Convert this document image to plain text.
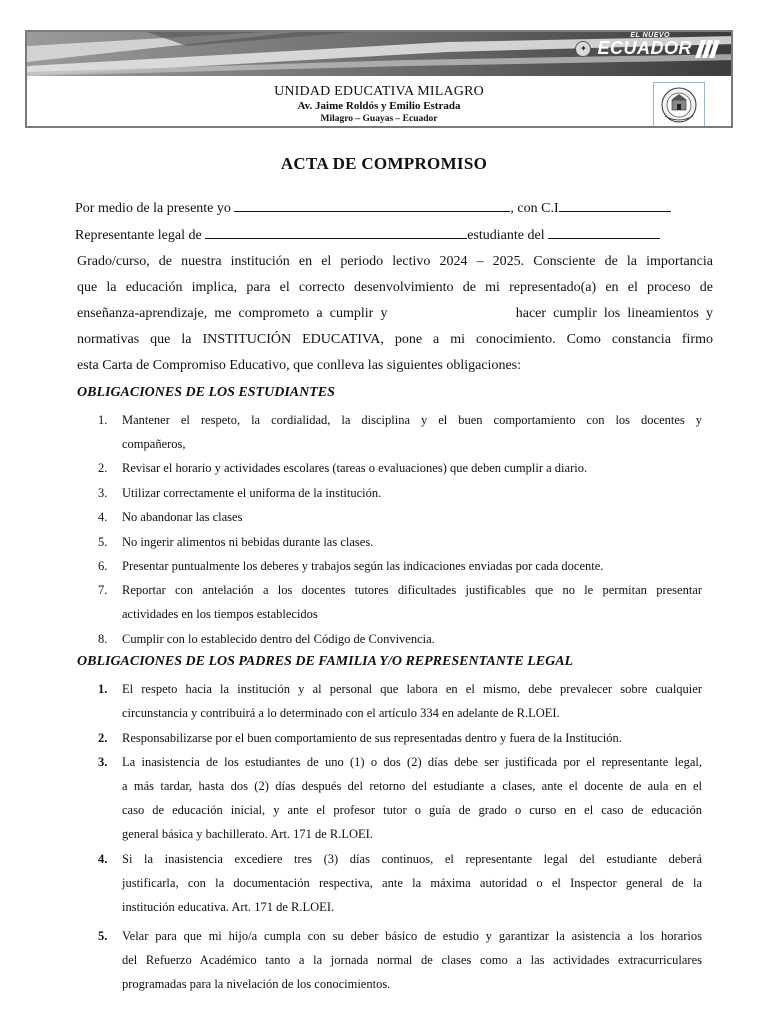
✦
EL NUEVO
ECUADOR
UNIDAD EDUCATIVA MILAGRO
Av. Jaime Roldós y Emilio Estrada
Milagro – Guayas – Ecuador
ACTA DE COMPROMISO
Por medio de la presente yo	, con C.I
Representante legal de	estudiante del
Grado/curso, de nuestra institución en el periodo lectivo 2024 – 2025. Consciente de la importancia
que la educación implica, para el correcto desenvolvimiento de mi representado(a) en el proceso de
enseñanza-aprendizaje, me comprometo a cumplir y                  hacer cumplir los lineamientos y
normativas que la INSTITUCIÓN EDUCATIVA, pone a mi conocimiento. Como constancia firmo
esta Carta de Compromiso Educativo, que conlleva las siguientes obligaciones:
OBLIGACIONES DE LOS ESTUDIANTES
1.	Mantener el respeto, la cordialidad, la disciplina y el buen comportamiento con los docentes y
compañeros,
2.	Revisar el horario y actividades escolares (tareas o evaluaciones) que deben cumplir a diario.
3.	Utilizar correctamente el uniforma de la institución.
4.	No abandonar las clases
5.	No ingerir alimentos ni bebidas durante las clases.
6.	Presentar puntualmente los deberes y trabajos según las indicaciones enviadas por cada docente.
7.	Reportar con antelación a los docentes tutores dificultades justificables que no le permitan presentar
actividades en los tiempos establecidos
8.	Cumplir con lo establecido dentro del Código de Convivencia.
OBLIGACIONES DE LOS PADRES DE FAMILIA Y/O REPRESENTANTE LEGAL
1.	El respeto hacia la institución y al personal que labora en el mismo, debe prevalecer sobre cualquier
circunstancia y contribuirá a lo determinado con el artículo 334 en adelante de R.LOEI.
2.	Responsabilizarse por el buen comportamiento de sus representadas dentro y fuera de la Institución.
3.	La inasistencia de los estudiantes de uno (1) o dos (2) días debe ser justificada por el representante legal,
a más tardar, hasta dos (2) días después del retorno del estudiante a clases, ante el docente de aula en el
caso de educación inicial, y ante el profesor tutor o guía de grado o curso en el caso de educación
general básica y bachillerato. Art. 171 de R.LOEI.
4.	Si la inasistencia excediere tres (3) días continuos, el representante legal del estudiante deberá
justificarla, con la documentación respectiva, ante la máxima autoridad o el Inspector general de la
institución educativa. Art. 171 de R.LOEI.
5.	Velar para que mi hijo/a cumpla con su deber básico de estudio y garantizar la asistencia a los horarios
del Refuerzo Académico tanto a la jornada normal de clases como a las actividades extracurriculares
programadas para la nivelación de los conocimientos.
